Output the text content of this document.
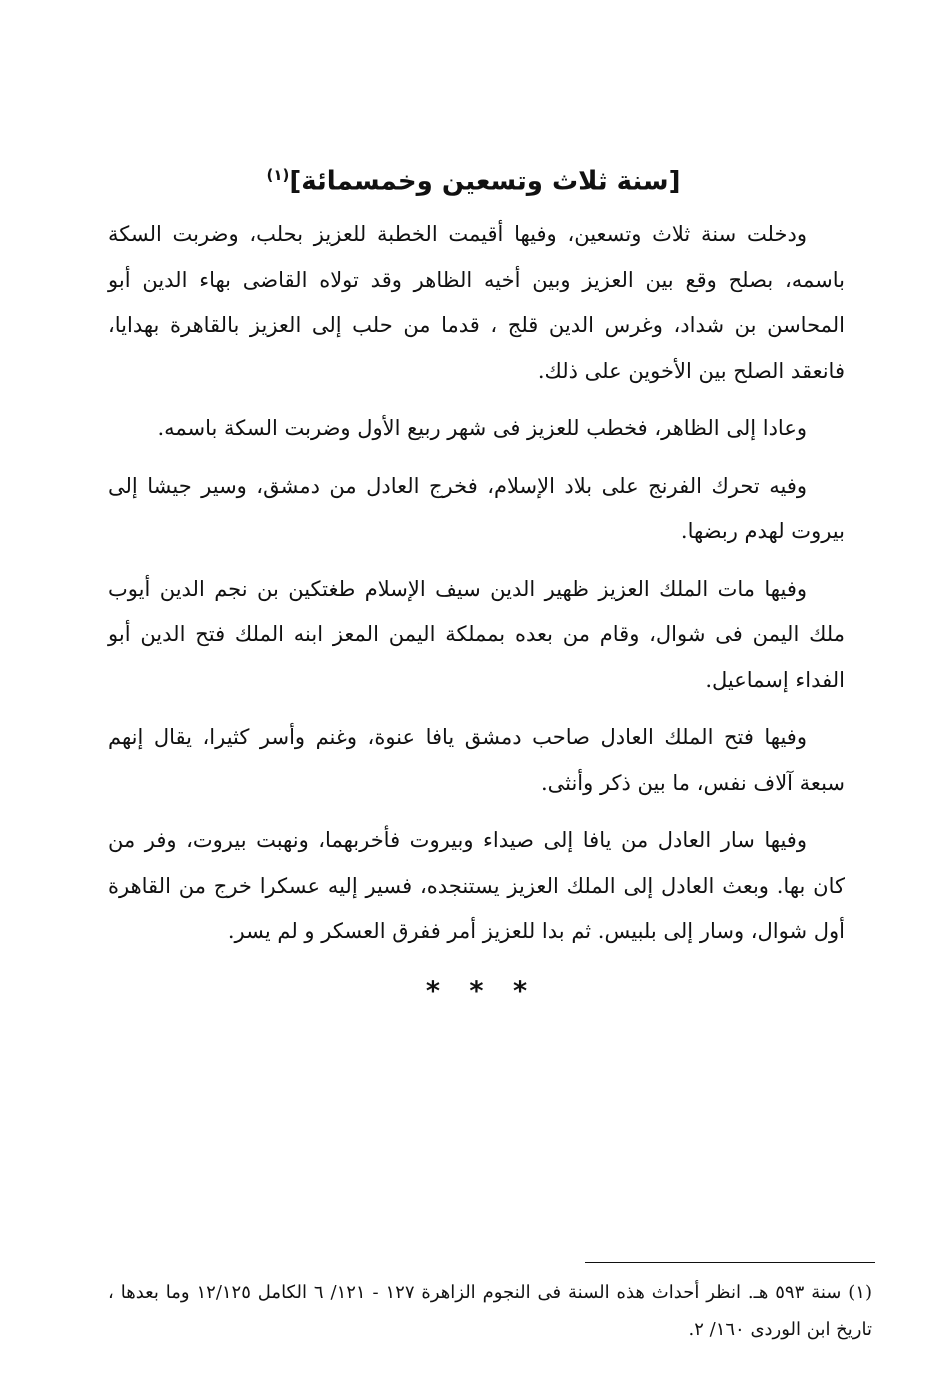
[سنة ثلاث وتسعين وخمسمائة]$^{(١)}$

ودخلت سنة ثلاث وتسعين، وفيها أقيمت الخطبة للعزيز بحلب، وضربت السكة باسمه، بصلح وقع بين العزيز وبين أخيه الظاهر وقد تولاه القاضى بهاء الدين أبو المحاسن بن شداد، وغرس الدين قلج ، قدما من حلب إلى العزيز بالقاهرة بهدايا، فانعقد الصلح بين الأخوين على ذلك.

وعادا إلى الظاهر، فخطب للعزيز فى شهر ربيع الأول وضربت السكة باسمه.

وفيه تحرك الفرنج على بلاد الإسلام، فخرج العادل من دمشق، وسير جيشا إلى بيروت لهدم ربضها.

وفيها مات الملك العزيز ظهير الدين سيف الإسلام طغتكين بن نجم الدين أيوب ملك اليمن فى شوال، وقام من بعده بمملكة اليمن المعز ابنه الملك فتح الدين أبو الفداء إسماعيل.

وفيها فتح الملك العادل صاحب دمشق يافا عنوة، وغنم وأسر كثيرا، يقال إنهم سبعة آلاف نفس، ما بين ذكر وأنثى.

وفيها سار العادل من يافا إلى صيداء وبيروت فأخربهما، ونهبت بيروت، وفر من كان بها. وبعث العادل إلى الملك العزيز يستنجده، فسير إليه عسكرا خرج من القاهرة أول شوال، وسار إلى بلبيس. ثم بدا للعزيز أمر ففرق العسكر و لم يسر.

* * *

(١) سنة ٥٩٣ هـ. انظر أحداث هذه السنة فى النجوم الزاهرة ١٢٧ - ١٢١/ ٦ الكامل ١٢/١٢٥ وما بعدها ، تاريخ ابن الوردى ١٦٠/ ٢.
